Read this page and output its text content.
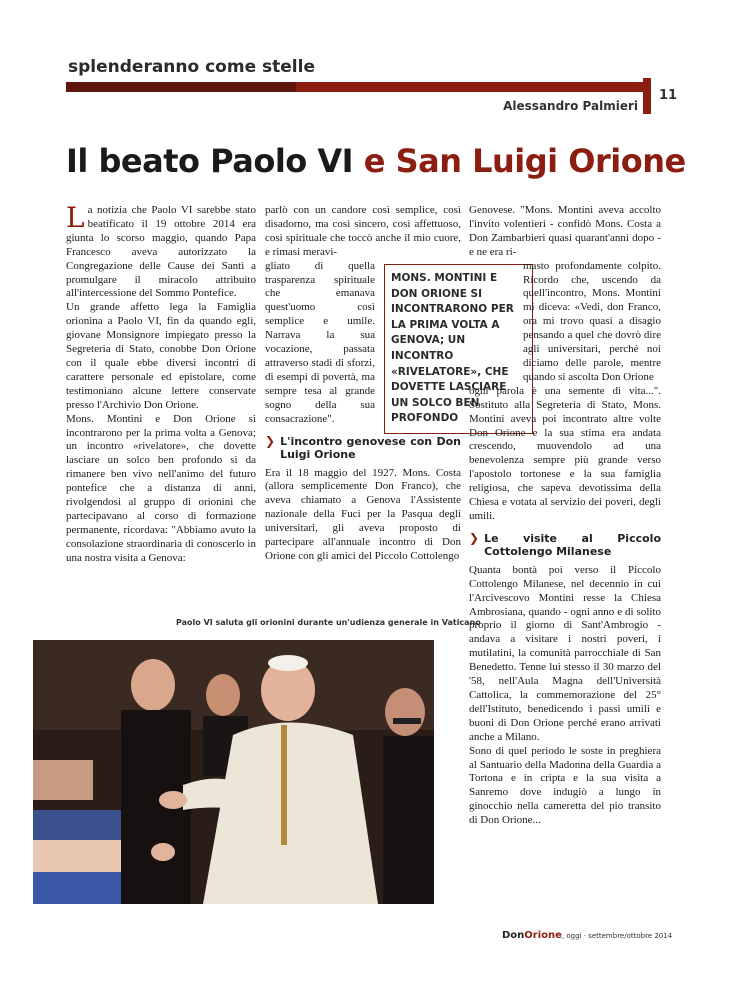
splenderanno come stelle
11
Alessandro Palmieri
Il beato Paolo VI e San Luigi Orione

La notizia che Paolo VI sarebbe stato beatificato il 19 ottobre 2014 era giunta lo scorso maggio, quando Papa Francesco aveva autorizzato la Congregazione delle Cause dei Santi a promulgare il miracolo attribuito all'intercessione del Sommo Pontefice.

Un grande affetto lega la Famiglia orionina a Paolo VI, fin da quando egli, giovane Monsignore impiegato presso la Segreteria di Stato, conobbe Don Orione con il quale ebbe diversi incontri di carattere personale ed epistolare, come testimoniano alcune lettere conservate presso l'Archivio Don Orione.

Mons. Montini e Don Orione si incontrarono per la prima volta a Genova; un incontro «rivelatore», che dovette lasciare un solco ben profondo si da rimanere ben vivo nell'animo del futuro pontefice che a distanza di anni, rivolgendosi al gruppo di orionini che partecipavano al corso di formazione permanente, ricordava: "Abbiamo avuto la consolazione straordinaria di conoscerlo in una nostra visita a Genova:

parlò con un candore così semplice, così disadorno, ma così sincero, così affettuoso, così spirituale che toccò anche il mio cuore, e rimasi meravi-

gliato di quella trasparenza spirituale che emanava quest'uomo così semplice e umile. Narrava la sua vocazione, passata attraverso stadi di sforzi, di esempi di povertà, ma sempre tesa al grande sogno della sua consacrazione".

❯ L'incontro genovese con Don Luigi Orione

Era il 18 maggio del 1927. Mons. Costa (allora semplicemente Don Franco), che aveva chiamato a Genova l'Assistente nazionale della Fuci per la Pasqua degli universitari, gli aveva proposto di partecipare all'annuale incontro di Don Orione con gli amici del Piccolo Cottolengo

MONS. MONTINI E DON ORIONE SI INCONTRARONO PER LA PRIMA VOLTA A GENOVA; UN INCONTRO «RIVELATORE», CHE DOVETTE LASCIARE UN SOLCO BEN PROFONDO

Genovese. "Mons. Montini aveva accolto l'invito volentieri - confidò Mons. Costa a Don Zambarbieri quasi quarant'anni dopo - e ne era ri-

masto profondamente colpito. Ricordo che, uscendo da quell'incontro, Mons. Montini mi diceva: «Vedi, don Franco, ora mi trovo quasi a disagio pensando a quel che dovrò dire agli universitari, perché noi diciamo delle parole, mentre quando si ascolta Don Orione

ogni parola è una semente di vita...". Sostituto alla Segreteria di Stato, Mons. Montini aveva poi incontrato altre volte Don Orione e la sua stima era andata crescendo, muovendolo ad una benevolenza sempre più grande verso l'apostolo tortonese e la sua famiglia religiosa, che sapeva devotissima della Chiesa e votata al servizio dei poveri, degli umili.

❯ Le visite al Piccolo Cottolengo Milanese

Quanta bontà poi verso il Piccolo Cottolengo Milanese, nel decennio in cui l'Arcivescovo Montini resse la Chiesa Ambrosiana, quando - ogni anno e di solito proprio il giorno di Sant'Ambrogio - andava a visitare i nostri poveri, i mutilatini, la comunità parrocchiale di San Benedetto. Tenne lui stesso il 30 marzo del '58, nell'Aula Magna dell'Università Cattolica, la commemorazione del 25° dell'Istituto, benedicendo i passi umili e buoni di Don Orione perché erano arrivati anche a Milano.

Sono di quel periodo le soste in preghiera al Santuario della Madonna della Guardia a Tortona e in cripta e la sua visita a Sanremo dove indugiò a lungo in ginocchio nella cameretta del pio transito di Don Orione...

Paolo VI saluta gli orionini durante un'udienza generale in Vaticano
DonOrione, oggi · settembre/ottobre 2014
